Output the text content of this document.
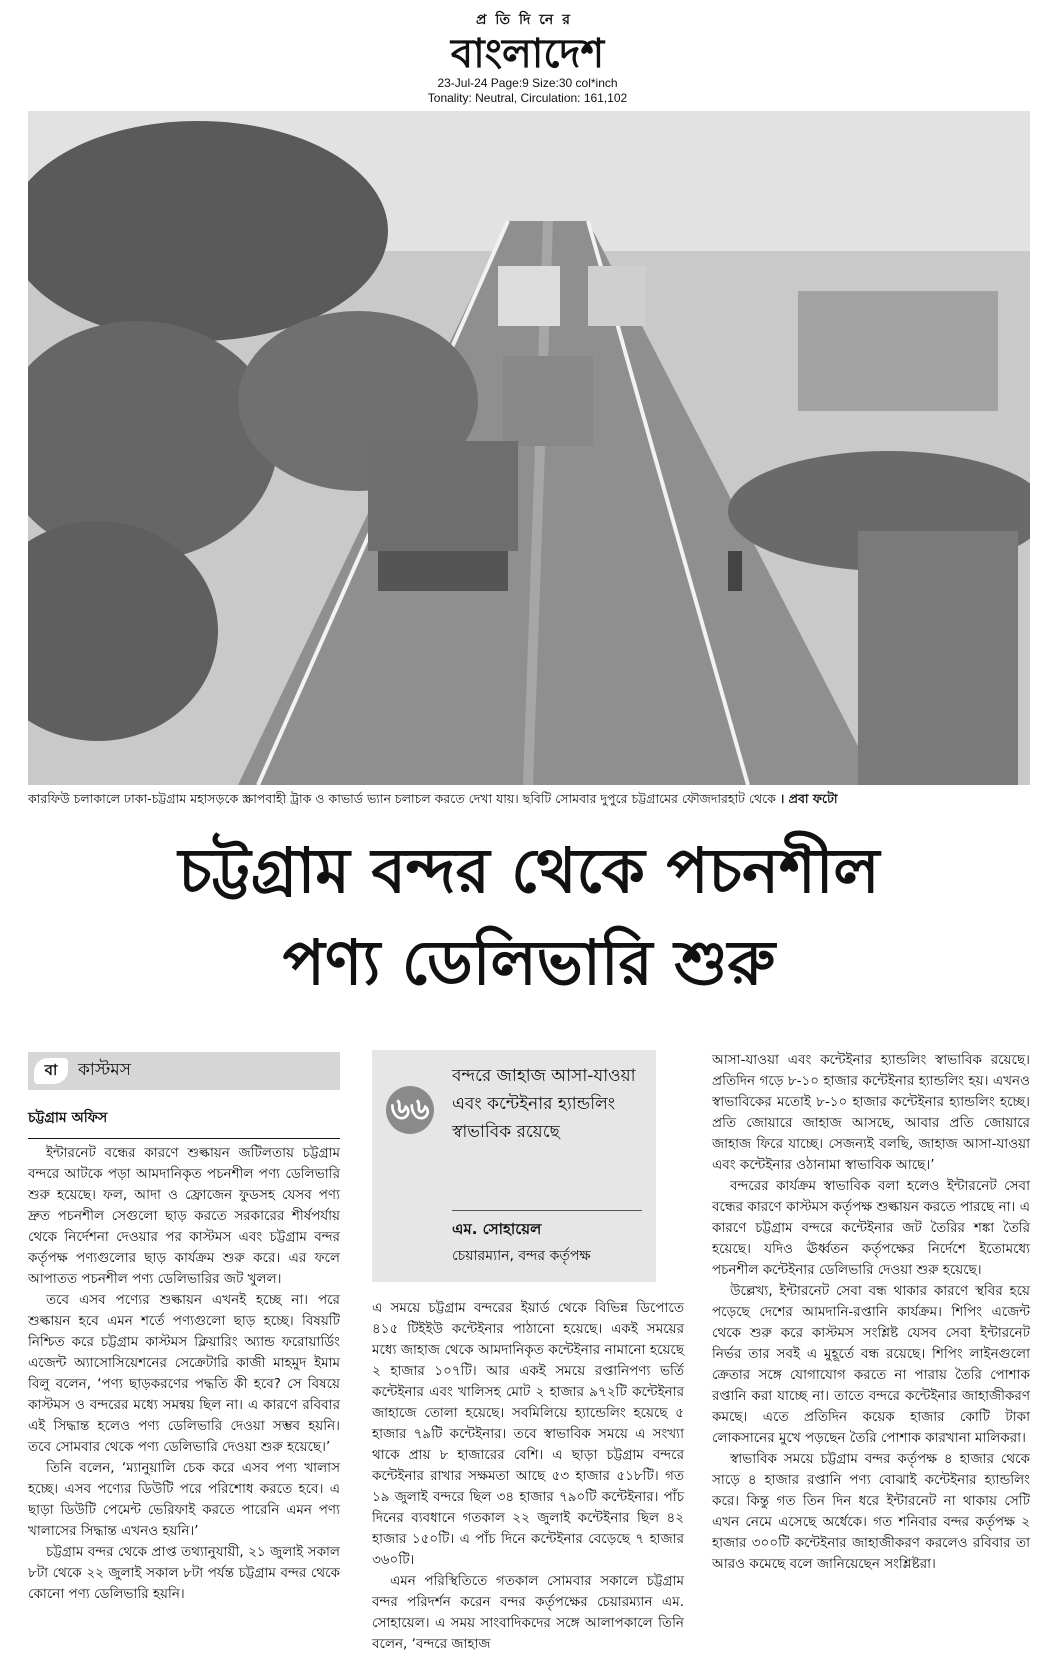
প্রতিদিনের
বাংলাদেশ
23-Jul-24 Page:9 Size:30 col*inch
Tonality: Neutral, Circulation: 161,102
কারফিউ চলাকালে ঢাকা-চট্টগ্রাম মহাসড়কে স্ক্রাপবাহী ট্রাক ও কাভার্ড ভ্যান চলাচল করতে দেখা যায়। ছবিটি সোমবার দুপুরে চট্টগ্রামের ফৌজদারহাট থেকে । প্রবা ফটো
চট্টগ্রাম বন্দর থেকে পচনশীল
পণ্য ডেলিভারি শুরু
বা	কাস্টমস
চট্টগ্রাম অফিস

ইন্টারনেট বন্ধের কারণে শুল্কায়ন জটিলতায় চট্টগ্রাম বন্দরে আটকে পড়া আমদানিকৃত পচনশীল পণ্য ডেলিভারি শুরু হয়েছে। ফল, আদা ও ফ্রোজেন ফুডসহ যেসব পণ্য দ্রুত পচনশীল সেগুলো ছাড় করতে সরকারের শীর্ষপর্যায় থেকে নির্দেশনা দেওয়ার পর কাস্টমস এবং চট্টগ্রাম বন্দর কর্তৃপক্ষ পণ্যগুলোর ছাড় কার্যক্রম শুরু করে। এর ফলে আপাতত পচনশীল পণ্য ডেলিভারির জট খুলল।

তবে এসব পণ্যের শুল্কায়ন এখনই হচ্ছে না। পরে শুল্কায়ন হবে এমন শর্তে পণ্যগুলো ছাড় হচ্ছে। বিষয়টি নিশ্চিত করে চট্টগ্রাম কাস্টমস ক্লিয়ারিং অ্যান্ড ফরোয়ার্ডিং এজেন্ট অ্যাসোসিয়েশনের সেক্রেটারি কাজী মাহমুদ ইমাম বিলু বলেন, ‘পণ্য ছাড়করণের পদ্ধতি কী হবে? সে বিষয়ে কাস্টমস ও বন্দরের মধ্যে সমন্বয় ছিল না। এ কারণে রবিবার এই সিদ্ধান্ত হলেও পণ্য ডেলিভারি দেওয়া সম্ভব হয়নি। তবে সোমবার থেকে পণ্য ডেলিভারি দেওয়া শুরু হয়েছে।’

তিনি বলেন, ‘ম্যানুয়ালি চেক করে এসব পণ্য খালাস হচ্ছে। এসব পণ্যের ডিউটি পরে পরিশোধ করতে হবে। এ ছাড়া ডিউটি পেমেন্ট ভেরিফাই করতে পারেনি এমন পণ্য খালাসের সিদ্ধান্ত এখনও হয়নি।’

চট্টগ্রাম বন্দর থেকে প্রাপ্ত তথ্যানুযায়ী, ২১ জুলাই সকাল ৮টা থেকে ২২ জুলাই সকাল ৮টা পর্যন্ত চট্টগ্রাম বন্দর থেকে কোনো পণ্য ডেলিভারি হয়নি।

৬৬
বন্দরে জাহাজ আসা-যাওয়া এবং কন্টেইনার হ্যান্ডলিং স্বাভাবিক রয়েছে
এম. সোহায়েল
চেয়ারম্যান, বন্দর কর্তৃপক্ষ

এ সময়ে চট্টগ্রাম বন্দরের ইয়ার্ড থেকে বিভিন্ন ডিপোতে ৪১৫ টিইইউ কন্টেইনার পাঠানো হয়েছে। একই সময়ের মধ্যে জাহাজ থেকে আমদানিকৃত কন্টেইনার নামানো হয়েছে ২ হাজার ১০৭টি। আর একই সময়ে রপ্তানিপণ্য ভর্তি কন্টেইনার এবং খালিসহ মোট ২ হাজার ৯৭২টি কন্টেইনার জাহাজে তোলা হয়েছে। সবমিলিয়ে হ্যান্ডেলিং হয়েছে ৫ হাজার ৭৯টি কন্টেইনার। তবে স্বাভাবিক সময়ে এ সংখ্যা থাকে প্রায় ৮ হাজারের বেশি। এ ছাড়া চট্টগ্রাম বন্দরে কন্টেইনার রাখার সক্ষমতা আছে ৫৩ হাজার ৫১৮টি। গত ১৯ জুলাই বন্দরে ছিল ৩৪ হাজার ৭৯০টি কন্টেইনার। পাঁচ দিনের ব্যবধানে গতকাল ২২ জুলাই কন্টেইনার ছিল ৪২ হাজার ১৫০টি। এ পাঁচ দিনে কন্টেইনার বেড়েছে ৭ হাজার ৩৬০টি।

এমন পরিস্থিতিতে গতকাল সোমবার সকালে চট্টগ্রাম বন্দর পরিদর্শন করেন বন্দর কর্তৃপক্ষের চেয়ারম্যান এম. সোহায়েল। এ সময় সাংবাদিকদের সঙ্গে আলাপকালে তিনি বলেন, ‘বন্দরে জাহাজ

আসা-যাওয়া এবং কন্টেইনার হ্যান্ডলিং স্বাভাবিক রয়েছে। প্রতিদিন গড়ে ৮-১০ হাজার কন্টেইনার হ্যান্ডলিং হয়। এখনও স্বাভাবিকের মতোই ৮-১০ হাজার কন্টেইনার হ্যান্ডলিং হচ্ছে। প্রতি জোয়ারে জাহাজ আসছে, আবার প্রতি জোয়ারে জাহাজ ফিরে যাচ্ছে। সেজন্যই বলছি, জাহাজ আসা-যাওয়া এবং কন্টেইনার ওঠানামা স্বাভাবিক আছে।’

বন্দরের কার্যক্রম স্বাভাবিক বলা হলেও ইন্টারনেট সেবা বন্ধের কারণে কাস্টমস কর্তৃপক্ষ শুল্কায়ন করতে পারছে না। এ কারণে চট্টগ্রাম বন্দরে কন্টেইনার জট তৈরির শঙ্কা তৈরি হয়েছে। যদিও ঊর্ধ্বতন কর্তৃপক্ষের নির্দেশে ইতোমধ্যে পচনশীল কন্টেইনার ডেলিভারি দেওয়া শুরু হয়েছে।

উল্লেখ্য, ইন্টারনেট সেবা বন্ধ থাকার কারণে স্থবির হয়ে পড়েছে দেশের আমদানি-রপ্তানি কার্যক্রম। শিপিং এজেন্ট থেকে শুরু করে কাস্টমস সংশ্লিষ্ট যেসব সেবা ইন্টারনেট নির্ভর তার সবই এ মুহূর্তে বন্ধ রয়েছে। শিপিং লাইনগুলো ক্রেতার সঙ্গে যোগাযোগ করতে না পারায় তৈরি পোশাক রপ্তানি করা যাচ্ছে না। তাতে বন্দরে কন্টেইনার জাহাজীকরণ কমছে। এতে প্রতিদিন কয়েক হাজার কোটি টাকা লোকসানের মুখে পড়ছেন তৈরি পোশাক কারখানা মালিকরা।

স্বাভাবিক সময়ে চট্টগ্রাম বন্দর কর্তৃপক্ষ ৪ হাজার থেকে সাড়ে ৪ হাজার রপ্তানি পণ্য বোঝাই কন্টেইনার হ্যান্ডলিং করে। কিন্তু গত তিন দিন ধরে ইন্টারনেট না থাকায় সেটি এখন নেমে এসেছে অর্ধেকে। গত শনিবার বন্দর কর্তৃপক্ষ ২ হাজার ৩০০টি কন্টেইনার জাহাজীকরণ করলেও রবিবার তা আরও কমেছে বলে জানিয়েছেন সংশ্লিষ্টরা।
